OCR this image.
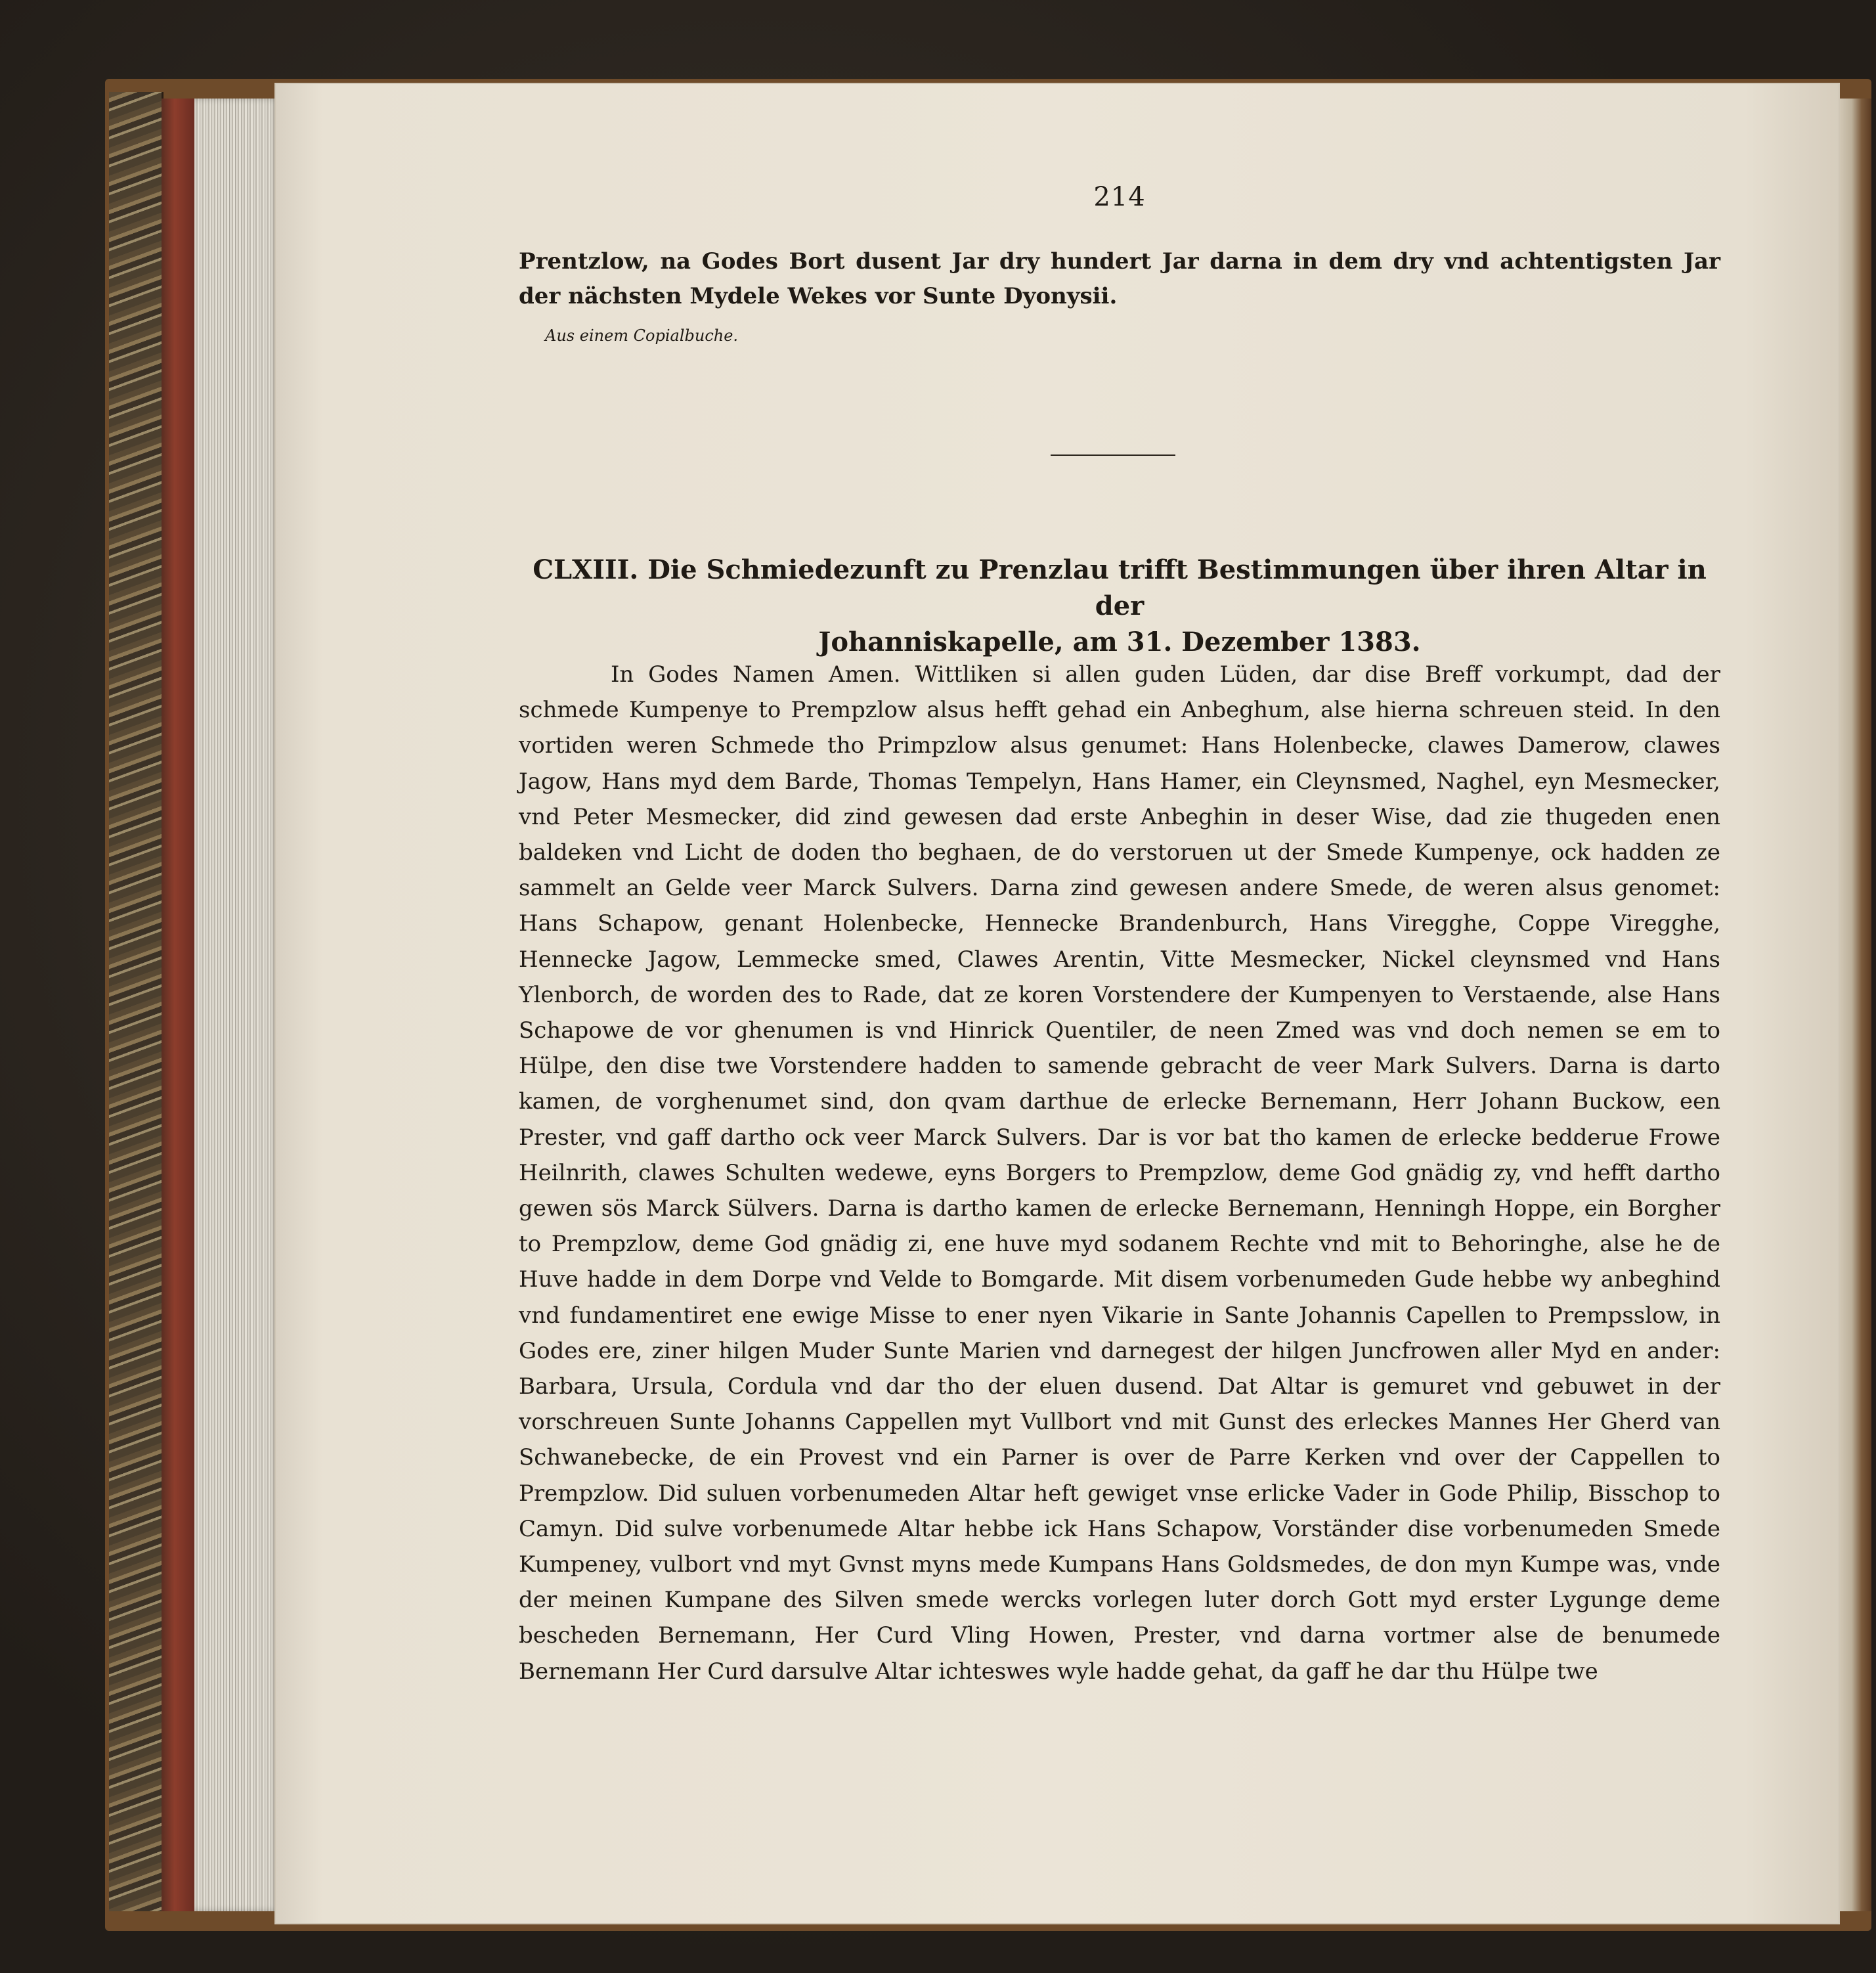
214
Prentzlow, na Godes Bort dusent Jar dry hundert Jar darna in dem dry vnd achtentigsten Jar der nächsten Mydele Wekes vor Sunte Dyonysii.
Aus einem Copialbuche.
CLXIII. Die Schmiedezunft zu Prenzlau trifft Bestimmungen über ihren Altar in der
Johanniskapelle, am 31. Dezember 1383.
In Godes Namen Amen. Wittliken si allen guden Lüden, dar dise Breff vorkumpt, dad der schmede Kumpenye to Prempzlow alsus hefft gehad ein Anbeghum, alse hierna schreuen steid. In den vortiden weren Schmede tho Primpzlow alsus genumet: Hans Holenbecke, clawes Damerow, clawes Jagow, Hans myd dem Barde, Thomas Tempelyn, Hans Hamer, ein Cleynsmed, Naghel, eyn Mesmecker, vnd Peter Mesmecker, did zind gewesen dad erste Anbeghin in deser Wise, dad zie thugeden enen baldeken vnd Licht de doden tho beghaen, de do verstoruen ut der Smede Kumpenye, ock hadden ze sammelt an Gelde veer Marck Sulvers. Darna zind gewesen andere Smede, de weren alsus genomet: Hans Schapow, genant Holenbecke, Hennecke Brandenburch, Hans Viregghe, Coppe Viregghe, Hennecke Jagow, Lemmecke smed, Clawes Arentin, Vitte Mesmecker, Nickel cleynsmed vnd Hans Ylenborch, de worden des to Rade, dat ze koren Vorstendere der Kumpenyen to Verstaende, alse Hans Schapowe de vor ghenumen is vnd Hinrick Quentiler, de neen Zmed was vnd doch nemen se em to Hülpe, den dise twe Vorstendere hadden to samende gebracht de veer Mark Sulvers. Darna is darto kamen, de vorghenumet sind, don qvam darthue de erlecke Bernemann, Herr Johann Buckow, een Prester, vnd gaff dartho ock veer Marck Sulvers. Dar is vor bat tho kamen de erlecke bedderue Frowe Heilnrith, clawes Schulten wedewe, eyns Borgers to Prempzlow, deme God gnädig zy, vnd hefft dartho gewen sös Marck Sülvers. Darna is dartho kamen de erlecke Bernemann, Henningh Hoppe, ein Borgher to Prempzlow, deme God gnädig zi, ene huve myd sodanem Rechte vnd mit to Behoringhe, alse he de Huve hadde in dem Dorpe vnd Velde to Bomgarde. Mit disem vorbenumeden Gude hebbe wy anbeghind vnd fundamentiret ene ewige Misse to ener nyen Vikarie in Sante Johannis Capellen to Prempsslow, in Godes ere, ziner hilgen Muder Sunte Marien vnd darnegest der hilgen Juncfrowen aller Myd en ander: Barbara, Ursula, Cordula vnd dar tho der eluen dusend. Dat Altar is gemuret vnd gebuwet in der vorschreuen Sunte Johanns Cappellen myt Vullbort vnd mit Gunst des erleckes Mannes Her Gherd van Schwanebecke, de ein Provest vnd ein Parner is over de Parre Kerken vnd over der Cappellen to Prempzlow. Did suluen vorbenumeden Altar heft gewiget vnse erlicke Vader in Gode Philip, Bisschop to Camyn. Did sulve vorbenumede Altar hebbe ick Hans Schapow, Vorständer dise vorbenumeden Smede Kumpeney, vulbort vnd myt Gvnst myns mede Kumpans Hans Goldsmedes, de don myn Kumpe was, vnde der meinen Kumpane des Silven smede wercks vorlegen luter dorch Gott myd erster Lygunge deme bescheden Bernemann, Her Curd Vling Howen, Prester, vnd darna vortmer alse de benumede Bernemann Her Curd darsulve Altar ichteswes wyle hadde gehat, da gaff he dar thu Hülpe twe
